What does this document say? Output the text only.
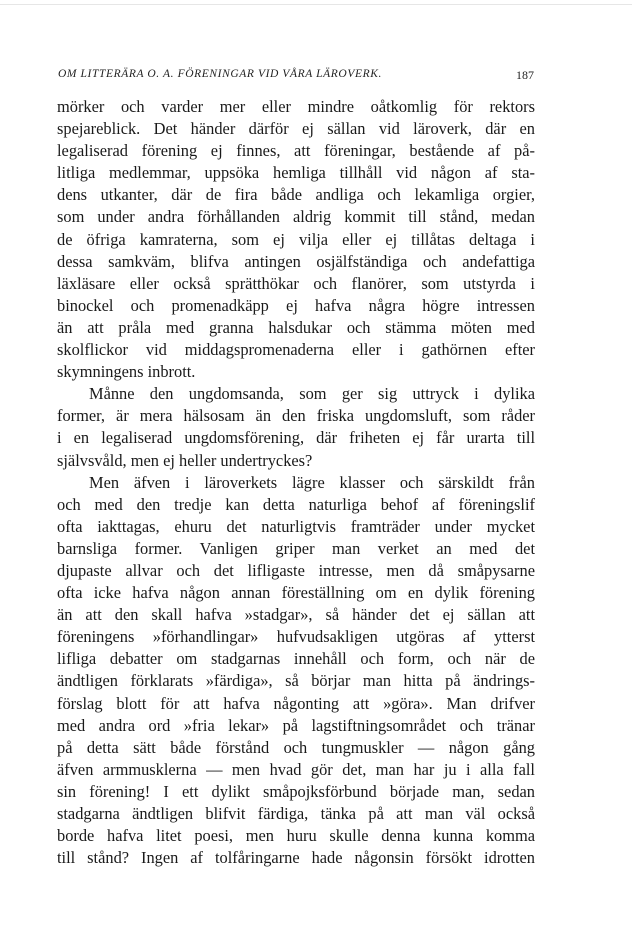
OM LITTERÄRA O. A. FÖRENINGAR VID VÅRA LÄROVERK.	187
mörker och varder mer eller mindre oåtkomlig för rektors
spejareblick. Det händer därför ej sällan vid läroverk, där en
legaliserad förening ej finnes, att föreningar, bestående af på-
litliga medlemmar, uppsöka hemliga tillhåll vid någon af sta-
dens utkanter, där de fira både andliga och lekamliga orgier,
som under andra förhållanden aldrig kommit till stånd, medan
de öfriga kamraterna, som ej vilja eller ej tillåtas deltaga i
dessa samkväm, blifva antingen osjälfständiga och andefattiga
läxläsare eller också sprätthökar och flanörer, som utstyrda i
binockel och promenadkäpp ej hafva några högre intressen
än att pråla med granna halsdukar och stämma möten med
skolflickor vid middagspromenaderna eller i gathörnen efter
skymningens inbrott.
Månne den ungdomsanda, som ger sig uttryck i dylika
former, är mera hälsosam än den friska ungdomsluft, som råder
i en legaliserad ungdomsförening, där friheten ej får urarta till
självsvåld, men ej heller undertryckes?
Men äfven i läroverkets lägre klasser och särskildt från
och med den tredje kan detta naturliga behof af föreningslif
ofta iakttagas, ehuru det naturligtvis framträder under mycket
barnsliga former. Vanligen griper man verket an med det
djupaste allvar och det lifligaste intresse, men då småpysarne
ofta icke hafva någon annan föreställning om en dylik förening
än att den skall hafva »stadgar», så händer det ej sällan att
föreningens »förhandlingar» hufvudsakligen utgöras af ytterst
lifliga debatter om stadgarnas innehåll och form, och när de
ändtligen förklarats »färdiga», så börjar man hitta på ändrings-
förslag blott för att hafva någonting att »göra». Man drifver
med andra ord »fria lekar» på lagstiftningsområdet och tränar
på detta sätt både förstånd och tungmuskler — någon gång
äfven armmusklerna — men hvad gör det, man har ju i alla fall
sin förening! I ett dylikt småpojksförbund började man, sedan
stadgarna ändtligen blifvit färdiga, tänka på att man väl också
borde hafva litet poesi, men huru skulle denna kunna komma
till stånd? Ingen af tolfåringarne hade någonsin försökt idrotten
